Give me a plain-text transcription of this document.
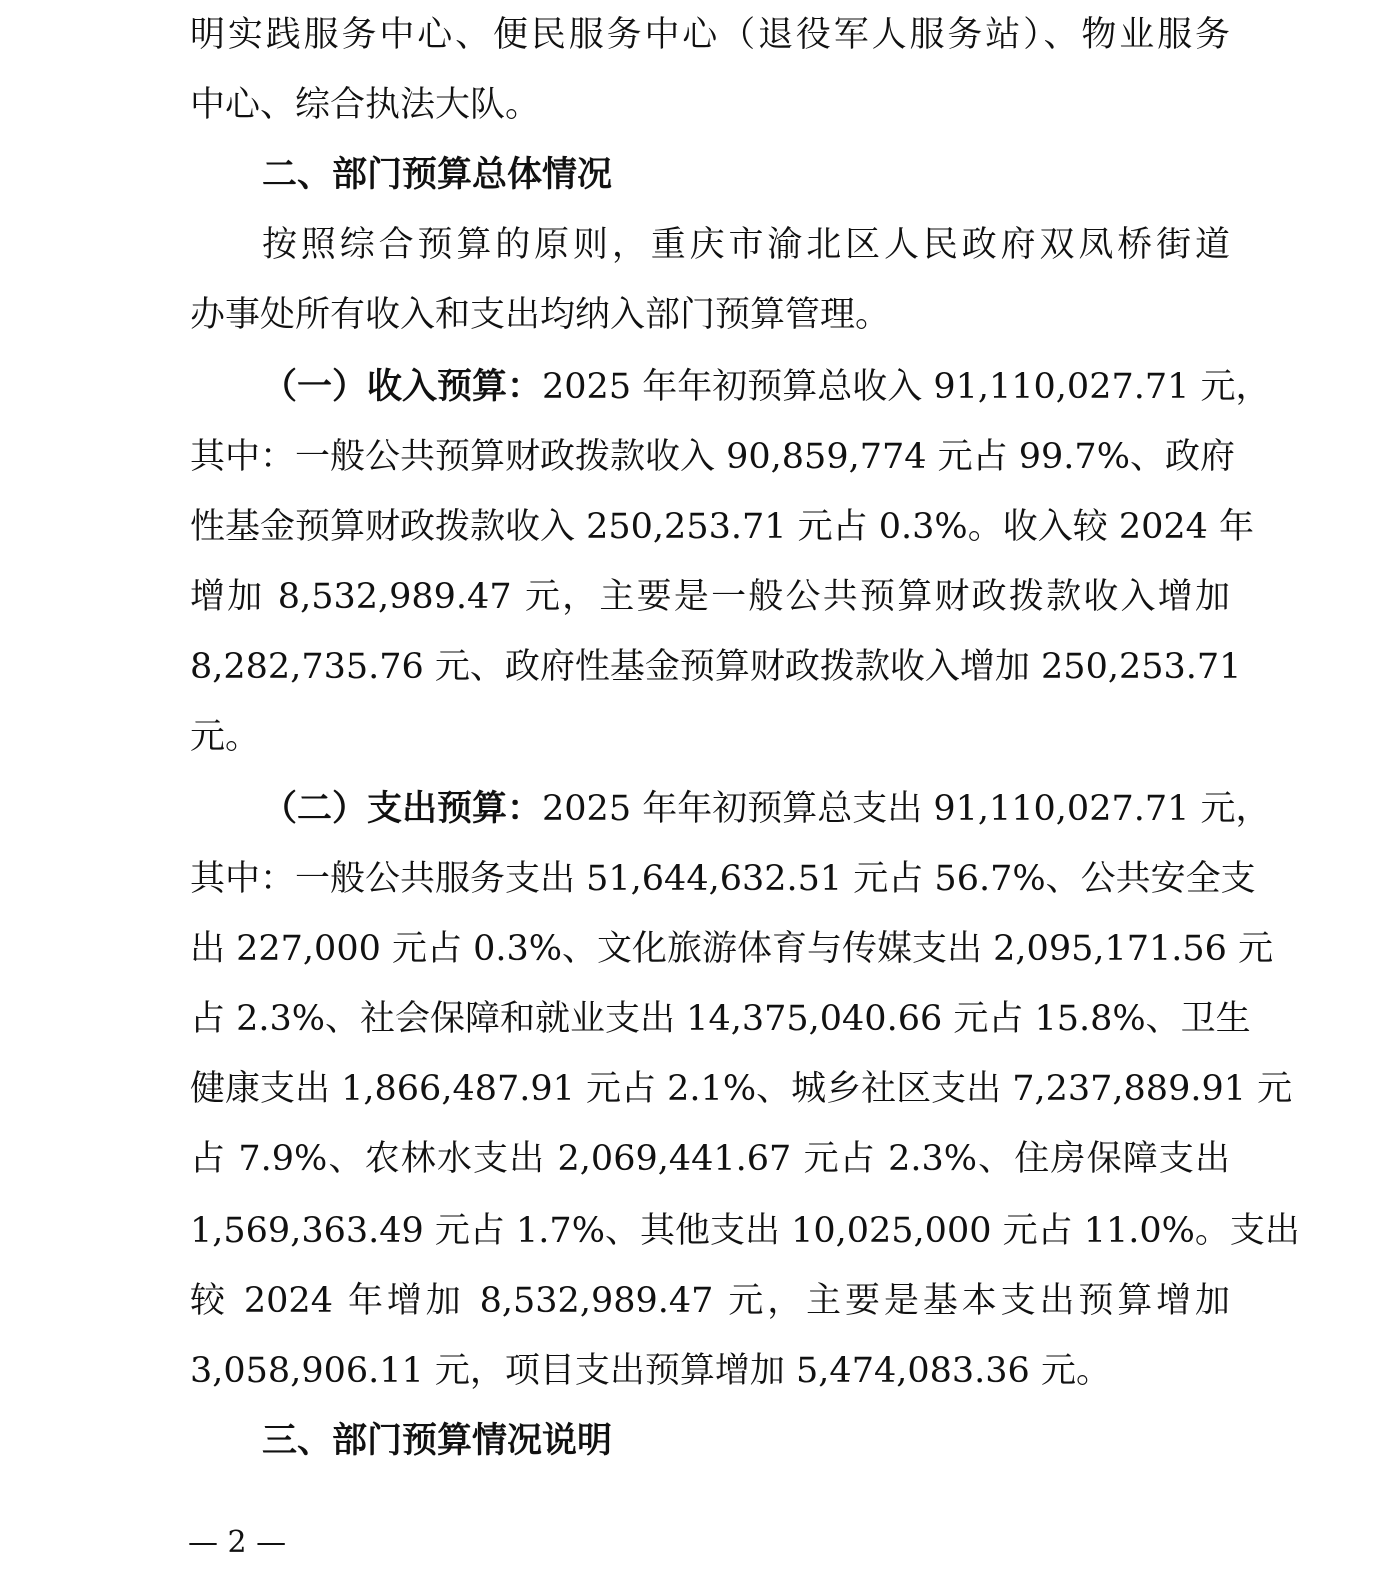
明实践服务中心、便民服务中心（退役军人服务站）、物业服务
中心、综合执法大队。
二、部门预算总体情况
按照综合预算的原则，重庆市渝北区人民政府双凤桥街道
办事处所有收入和支出均纳入部门预算管理。
（一）收入预算：2025 年年初预算总收入 91,110,027.71 元，
其中：一般公共预算财政拨款收入 90,859,774 元占 99.7%、政府
性基金预算财政拨款收入 250,253.71 元占 0.3%。收入较 2024 年
增加 8,532,989.47 元，主要是一般公共预算财政拨款收入增加
8,282,735.76 元、政府性基金预算财政拨款收入增加 250,253.71
元。
（二）支出预算：2025 年年初预算总支出 91,110,027.71 元，
其中：一般公共服务支出 51,644,632.51 元占 56.7%、公共安全支
出 227,000 元占 0.3%、文化旅游体育与传媒支出 2,095,171.56 元
占 2.3%、社会保障和就业支出 14,375,040.66 元占 15.8%、卫生
健康支出 1,866,487.91 元占 2.1%、城乡社区支出 7,237,889.91 元
占 7.9%、农林水支出 2,069,441.67 元占 2.3%、住房保障支出
1,569,363.49 元占 1.7%、其他支出 10,025,000 元占 11.0%。支出
较 2024 年增加 8,532,989.47 元，主要是基本支出预算增加
3,058,906.11 元，项目支出预算增加 5,474,083.36 元。
三、部门预算情况说明
— 2 —
